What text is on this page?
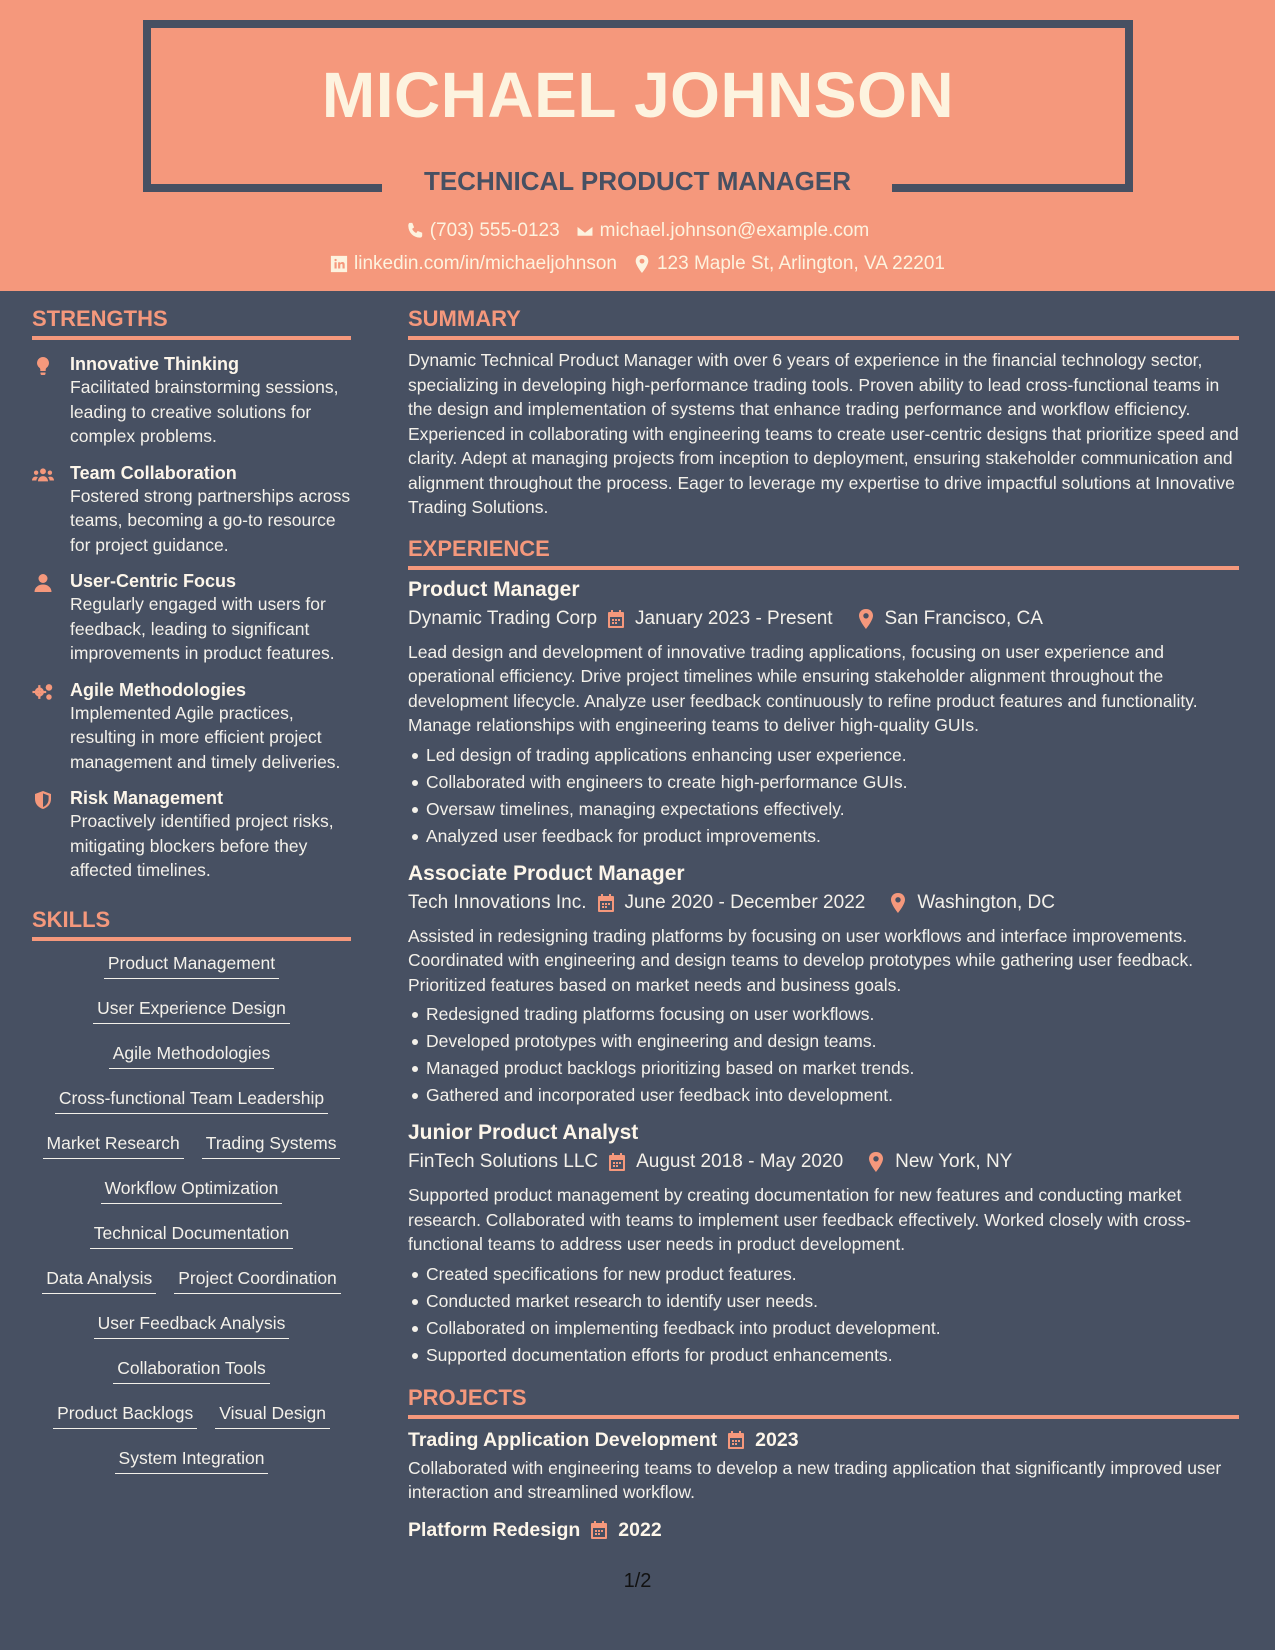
MICHAEL JOHNSON
TECHNICAL PRODUCT MANAGER
(703) 555-0123 michael.johnson@example.com
linkedin.com/in/michaeljohnson 123 Maple St, Arlington, VA 22201
STRENGTHS
Innovative Thinking
Facilitated brainstorming sessions, leading to creative solutions for complex problems.
Team Collaboration
Fostered strong partnerships across teams, becoming a go-to resource for project guidance.
User-Centric Focus
Regularly engaged with users for feedback, leading to significant improvements in product features.
Agile Methodologies
Implemented Agile practices, resulting in more efficient project management and timely deliveries.
Risk Management
Proactively identified project risks, mitigating blockers before they affected timelines.
SKILLS
Product Management
User Experience Design
Agile Methodologies
Cross-functional Team Leadership
Market Research Trading Systems
Workflow Optimization
Technical Documentation
Data Analysis Project Coordination
User Feedback Analysis
Collaboration Tools
Product Backlogs Visual Design
System Integration
SUMMARY
Dynamic Technical Product Manager with over 6 years of experience in the financial technology sector, specializing in developing high-performance trading tools. Proven ability to lead cross-functional teams in the design and implementation of systems that enhance trading performance and workflow efficiency. Experienced in collaborating with engineering teams to create user-centric designs that prioritize speed and clarity. Adept at managing projects from inception to deployment, ensuring stakeholder communication and alignment throughout the process. Eager to leverage my expertise to drive impactful solutions at Innovative Trading Solutions.
EXPERIENCE
Product Manager
Dynamic Trading Corp January 2023 - Present	San Francisco, CA
Lead design and development of innovative trading applications, focusing on user experience and operational efficiency. Drive project timelines while ensuring stakeholder alignment throughout the development lifecycle. Analyze user feedback continuously to refine product features and functionality. Manage relationships with engineering teams to deliver high-quality GUIs.
Led design of trading applications enhancing user experience.
Collaborated with engineers to create high-performance GUIs.
Oversaw timelines, managing expectations effectively.
Analyzed user feedback for product improvements.
Associate Product Manager
Tech Innovations Inc. June 2020 - December 2022	Washington, DC
Assisted in redesigning trading platforms by focusing on user workflows and interface improvements. Coordinated with engineering and design teams to develop prototypes while gathering user feedback. Prioritized features based on market needs and business goals.
Redesigned trading platforms focusing on user workflows.
Developed prototypes with engineering and design teams.
Managed product backlogs prioritizing based on market trends.
Gathered and incorporated user feedback into development.
Junior Product Analyst
FinTech Solutions LLC August 2018 - May 2020	New York, NY
Supported product management by creating documentation for new features and conducting market research. Collaborated with teams to implement user feedback effectively. Worked closely with cross-functional teams to address user needs in product development.
Created specifications for new product features.
Conducted market research to identify user needs.
Collaborated on implementing feedback into product development.
Supported documentation efforts for product enhancements.
PROJECTS
Trading Application Development 2023
Collaborated with engineering teams to develop a new trading application that significantly improved user interaction and streamlined workflow.
Platform Redesign 2022
1/2
